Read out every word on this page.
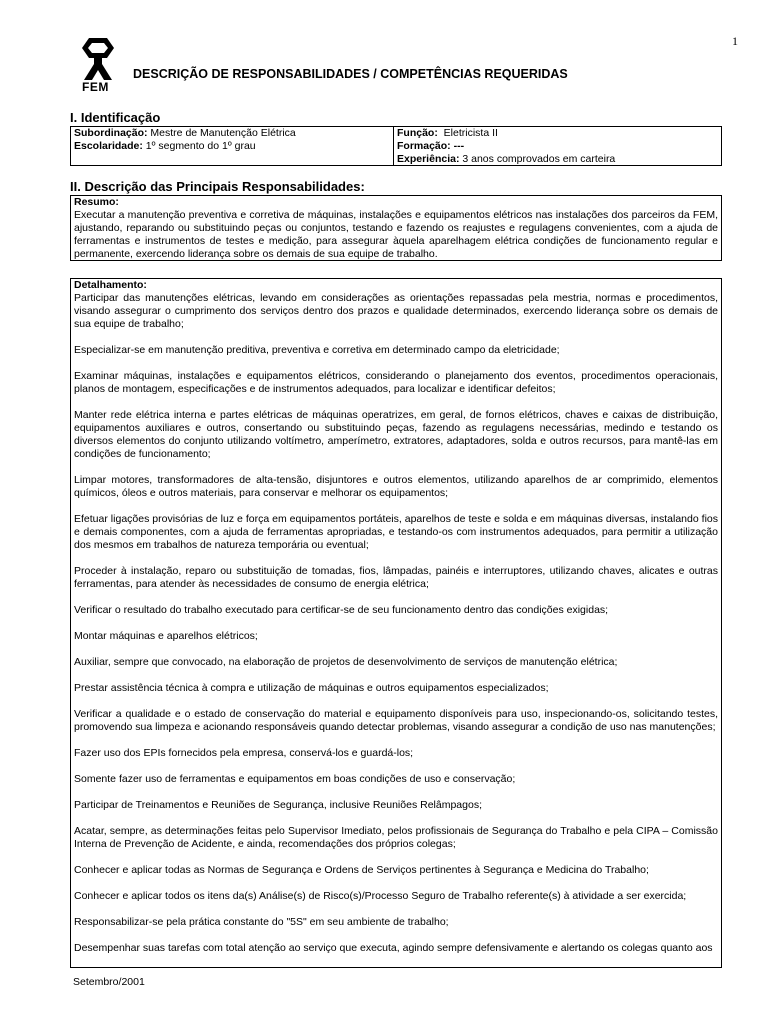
1
FEM
DESCRIÇÃO DE RESPONSABILIDADES / COMPETÊNCIAS REQUERIDAS
I. Identificação
Subordinação: Mestre de Manutenção Elétrica
Escolaridade: 1º segmento do 1º grau
Função:  Eletricista II
Formação: ---
Experiência: 3 anos comprovados em carteira
II. Descrição das Principais Responsabilidades:
Resumo:

Executar a manutenção preventiva e corretiva de máquinas, instalações e equipamentos elétricos nas instalações dos parceiros da FEM, ajustando, reparando ou substituindo peças ou conjuntos, testando e fazendo os reajustes e regulagens convenientes, com a ajuda de ferramentas e instrumentos de testes e medição, para assegurar àquela aparelhagem elétrica condições de funcionamento regular e permanente, exercendo liderança sobre os demais de sua equipe de trabalho.

Detalhamento:

Participar das manutenções elétricas, levando em considerações as orientações repassadas pela mestria, normas e procedimentos, visando assegurar o cumprimento dos serviços dentro dos prazos e qualidade determinados, exercendo liderança sobre os demais de sua equipe de trabalho;

Especializar-se em manutenção preditiva, preventiva e corretiva em determinado campo da eletricidade;

Examinar máquinas, instalações e equipamentos elétricos, considerando o planejamento dos eventos, procedimentos operacionais, planos de montagem, especificações e de instrumentos adequados, para localizar e identificar defeitos;

Manter rede elétrica interna e partes elétricas de máquinas operatrizes, em geral, de fornos elétricos, chaves e caixas de distribuição, equipamentos auxiliares e outros, consertando ou substituindo peças, fazendo as regulagens necessárias, medindo e testando os diversos elementos do conjunto utilizando voltímetro, amperímetro, extratores, adaptadores, solda e outros recursos, para mantê-las em condições de funcionamento;

Limpar motores, transformadores de alta-tensão, disjuntores e outros elementos, utilizando aparelhos de ar comprimido, elementos químicos, óleos e outros materiais, para conservar e melhorar os equipamentos;

Efetuar ligações provisórias de luz e força em equipamentos portáteis, aparelhos de teste e solda e em máquinas diversas, instalando fios e demais componentes, com a ajuda de ferramentas apropriadas, e testando-os com instrumentos adequados, para permitir a utilização dos mesmos em trabalhos de natureza temporária ou eventual;

Proceder à instalação, reparo ou substituição de tomadas, fios, lâmpadas, painéis e interruptores, utilizando chaves, alicates e outras ferramentas, para atender às necessidades de consumo de energia elétrica;

Verificar o resultado do trabalho executado para certificar-se de seu funcionamento dentro das condições exigidas;

Montar máquinas e aparelhos elétricos;

Auxiliar, sempre que convocado, na elaboração de projetos de desenvolvimento de serviços de manutenção elétrica;

Prestar assistência técnica à compra e utilização de máquinas e outros equipamentos especializados;

Verificar a qualidade e o estado de conservação do material e equipamento disponíveis para uso, inspecionando-os, solicitando testes, promovendo sua limpeza e acionando responsáveis quando detectar problemas, visando assegurar a condição de uso nas manutenções;

Fazer uso dos EPIs fornecidos pela empresa, conservá-los e guardá-los;

Somente fazer uso de ferramentas e equipamentos em boas condições de uso e conservação;

Participar de Treinamentos e Reuniões de Segurança, inclusive Reuniões Relâmpagos;

Acatar, sempre, as determinações feitas pelo Supervisor Imediato, pelos profissionais de Segurança do Trabalho e pela CIPA – Comissão Interna de Prevenção de Acidente, e ainda, recomendações dos próprios colegas;

Conhecer e aplicar todas as Normas de Segurança e Ordens de Serviços pertinentes à Segurança e Medicina do Trabalho;

Conhecer e aplicar todos os itens da(s) Análise(s) de Risco(s)/Processo Seguro de Trabalho referente(s) à atividade a ser exercida;

Responsabilizar-se pela prática constante do "5S" em seu ambiente de trabalho;

Desempenhar suas tarefas com total atenção ao serviço que executa, agindo sempre defensivamente e alertando os colegas quanto aos

Setembro/2001
